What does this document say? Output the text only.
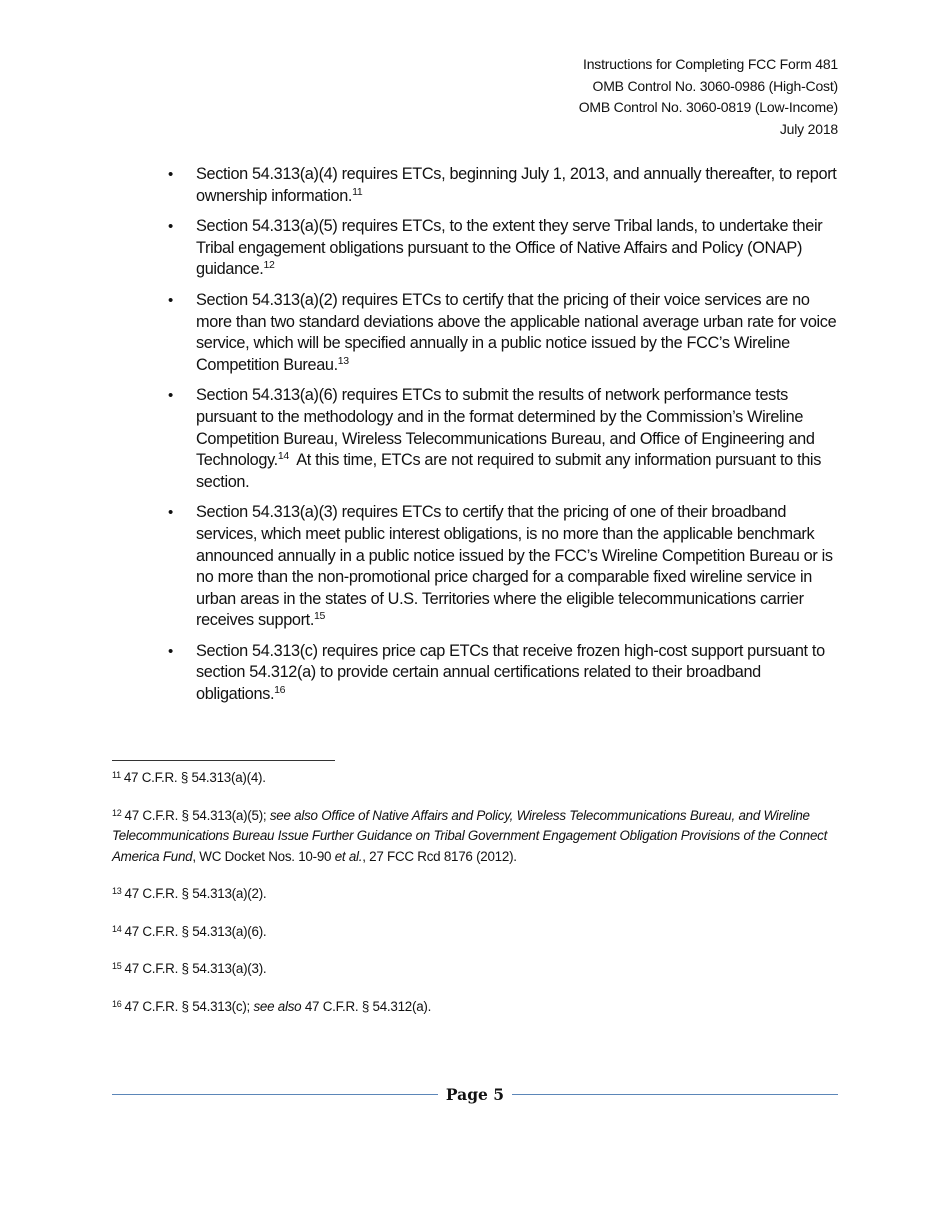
Instructions for Completing FCC Form 481
OMB Control No. 3060-0986 (High-Cost)
OMB Control No. 3060-0819 (Low-Income)
July 2018
• Section 54.313(a)(4) requires ETCs, beginning July 1, 2013, and annually thereafter, to report ownership information.$^{11}$
• Section 54.313(a)(5) requires ETCs, to the extent they serve Tribal lands, to undertake their Tribal engagement obligations pursuant to the Office of Native Affairs and Policy (ONAP) guidance.$^{12}$
• Section 54.313(a)(2) requires ETCs to certify that the pricing of their voice services are no more than two standard deviations above the applicable national average urban rate for voice service, which will be specified annually in a public notice issued by the FCC’s Wireline Competition Bureau.$^{13}$
• Section 54.313(a)(6) requires ETCs to submit the results of network performance tests pursuant to the methodology and in the format determined by the Commission’s Wireline Competition Bureau, Wireless Telecommunications Bureau, and Office of Engineering and Technology.$^{14}$  At this time, ETCs are not required to submit any information pursuant to this section.
• Section 54.313(a)(3) requires ETCs to certify that the pricing of one of their broadband services, which meet public interest obligations, is no more than the applicable benchmark announced annually in a public notice issued by the FCC’s Wireline Competition Bureau or is no more than the non-promotional price charged for a comparable fixed wireline service in urban areas in the states of U.S. Territories where the eligible telecommunications carrier receives support.$^{15}$
• Section 54.313(c) requires price cap ETCs that receive frozen high-cost support pursuant to section 54.312(a) to provide certain annual certifications related to their broadband obligations.$^{16}$

$^{11}$ 47 C.F.R. § 54.313(a)(4).

$^{12}$ 47 C.F.R. § 54.313(a)(5); see also Office of Native Affairs and Policy, Wireless Telecommunications Bureau, and Wireline Telecommunications Bureau Issue Further Guidance on Tribal Government Engagement Obligation Provisions of the Connect America Fund, WC Docket Nos. 10-90 et al., 27 FCC Rcd 8176 (2012).

$^{13}$ 47 C.F.R. § 54.313(a)(2).

$^{14}$ 47 C.F.R. § 54.313(a)(6).

$^{15}$ 47 C.F.R. § 54.313(a)(3).

$^{16}$ 47 C.F.R. § 54.313(c); see also 47 C.F.R. § 54.312(a).

Page 5
